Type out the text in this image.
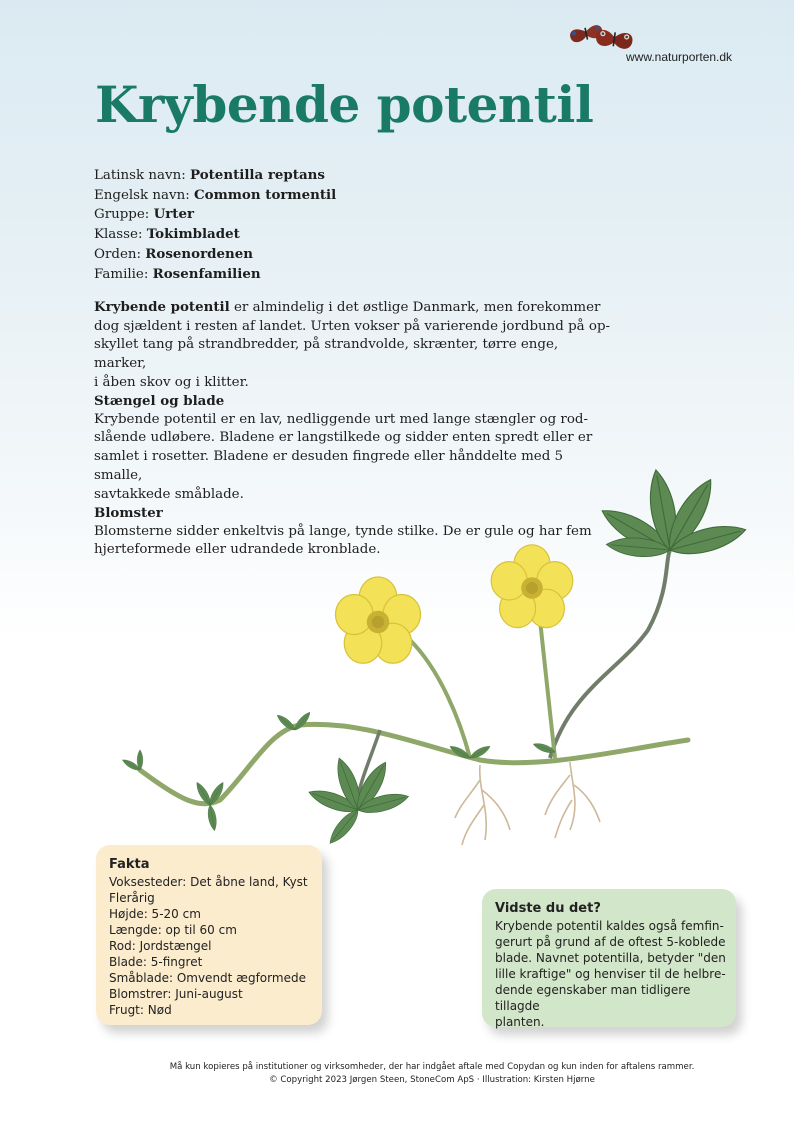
www.naturporten.dk
Krybende potentil
Latinsk navn: Potentilla reptans
Engelsk navn: Common tormentil
Gruppe: Urter
Klasse: Tokimbladet
Orden: Rosenordenen
Familie: Rosenfamilien
Krybende potentil er almindelig i det østlige Danmark, men forekommer
dog sjældent i resten af landet. Urten vokser på varierende jordbund på op-
skyllet tang på strandbredder, på strandvolde, skrænter, tørre enge, marker,
i åben skov og i klitter.
Stængel og blade
Krybende potentil er en lav, nedliggende urt med lange stængler og rod-
slående udløbere. Bladene er langstilkede og sidder enten spredt eller er
samlet i rosetter. Bladene er desuden fingrede eller hånddelte med 5 smalle,
savtakkede småblade.
Blomster
Blomsterne sidder enkeltvis på lange, tynde stilke. De er gule og har fem
hjerteformede eller udrandede kronblade.
Fakta
Voksesteder: Det åbne land, Kyst
Flerårig
Højde: 5-20 cm
Længde: op til 60 cm
Rod: Jordstængel
Blade: 5-fingret
Småblade: Omvendt ægformede
Blomstrer: Juni-august
Frugt: Nød
Vidste du det?
Krybende potentil kaldes også femfin-
gerurt på grund af de oftest 5-koblede
blade. Navnet potentilla, betyder "den
lille kraftige" og henviser til de helbre-
dende egenskaber man tidligere tillagde
planten.
Må kun kopieres på institutioner og virksomheder, der har indgået aftale med Copydan og kun inden for aftalens rammer.
© Copyright 2023 Jørgen Steen, StoneCom ApS · Illustration: Kirsten Hjørne
